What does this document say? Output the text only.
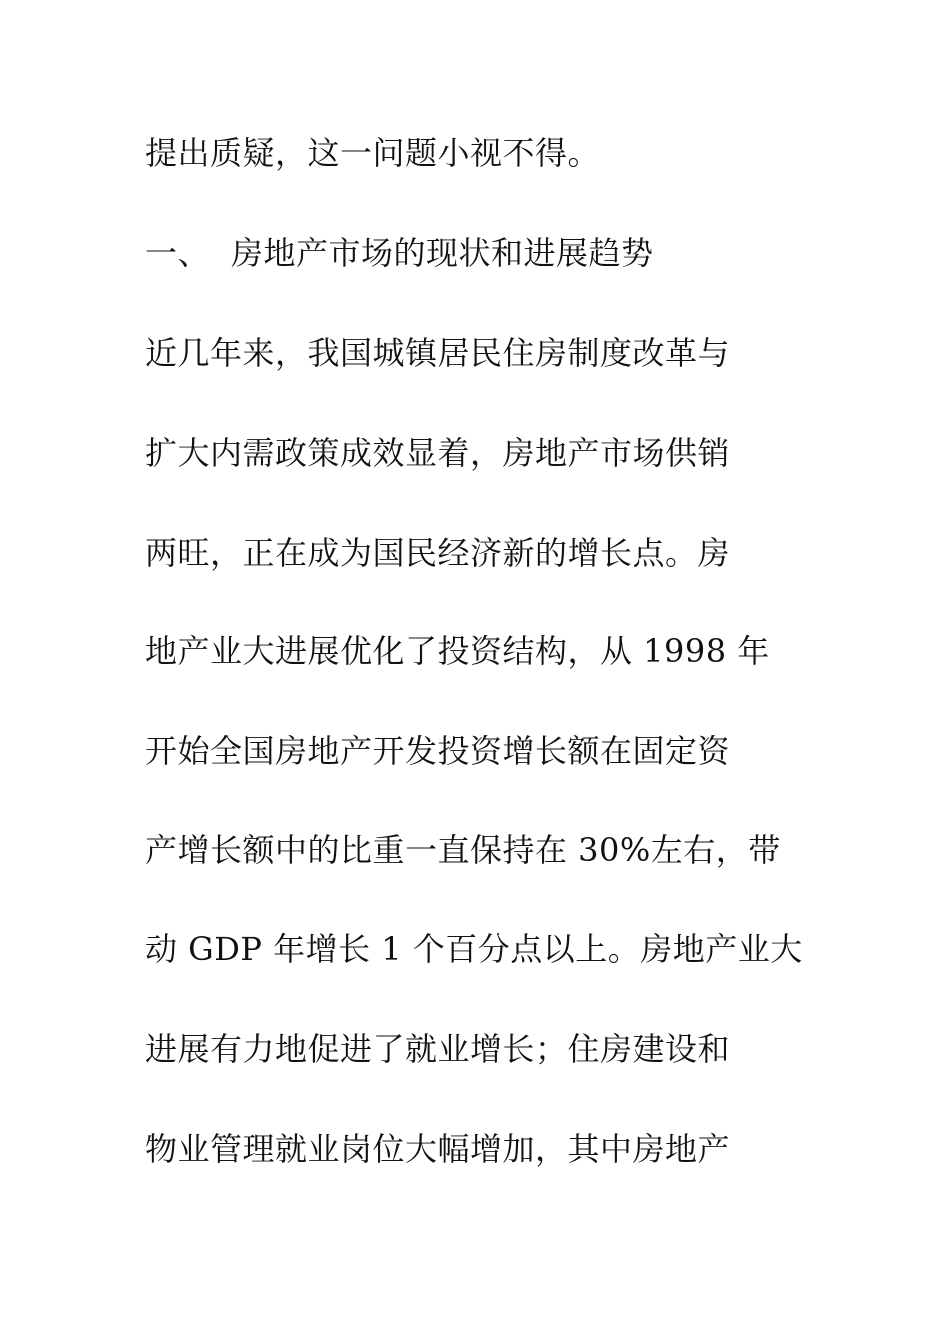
提出质疑，这一问题小视不得。
一、 房地产市场的现状和进展趋势
近几年来，我国城镇居民住房制度改革与
扩大内需政策成效显着，房地产市场供销
两旺，正在成为国民经济新的增长点。房
地产业大进展优化了投资结构，从 1998 年
开始全国房地产开发投资增长额在固定资
产增长额中的比重一直保持在 30%左右，带
动 GDP 年增长 1 个百分点以上。房地产业大
进展有力地促进了就业增长；住房建设和
物业管理就业岗位大幅增加，其中房地产
